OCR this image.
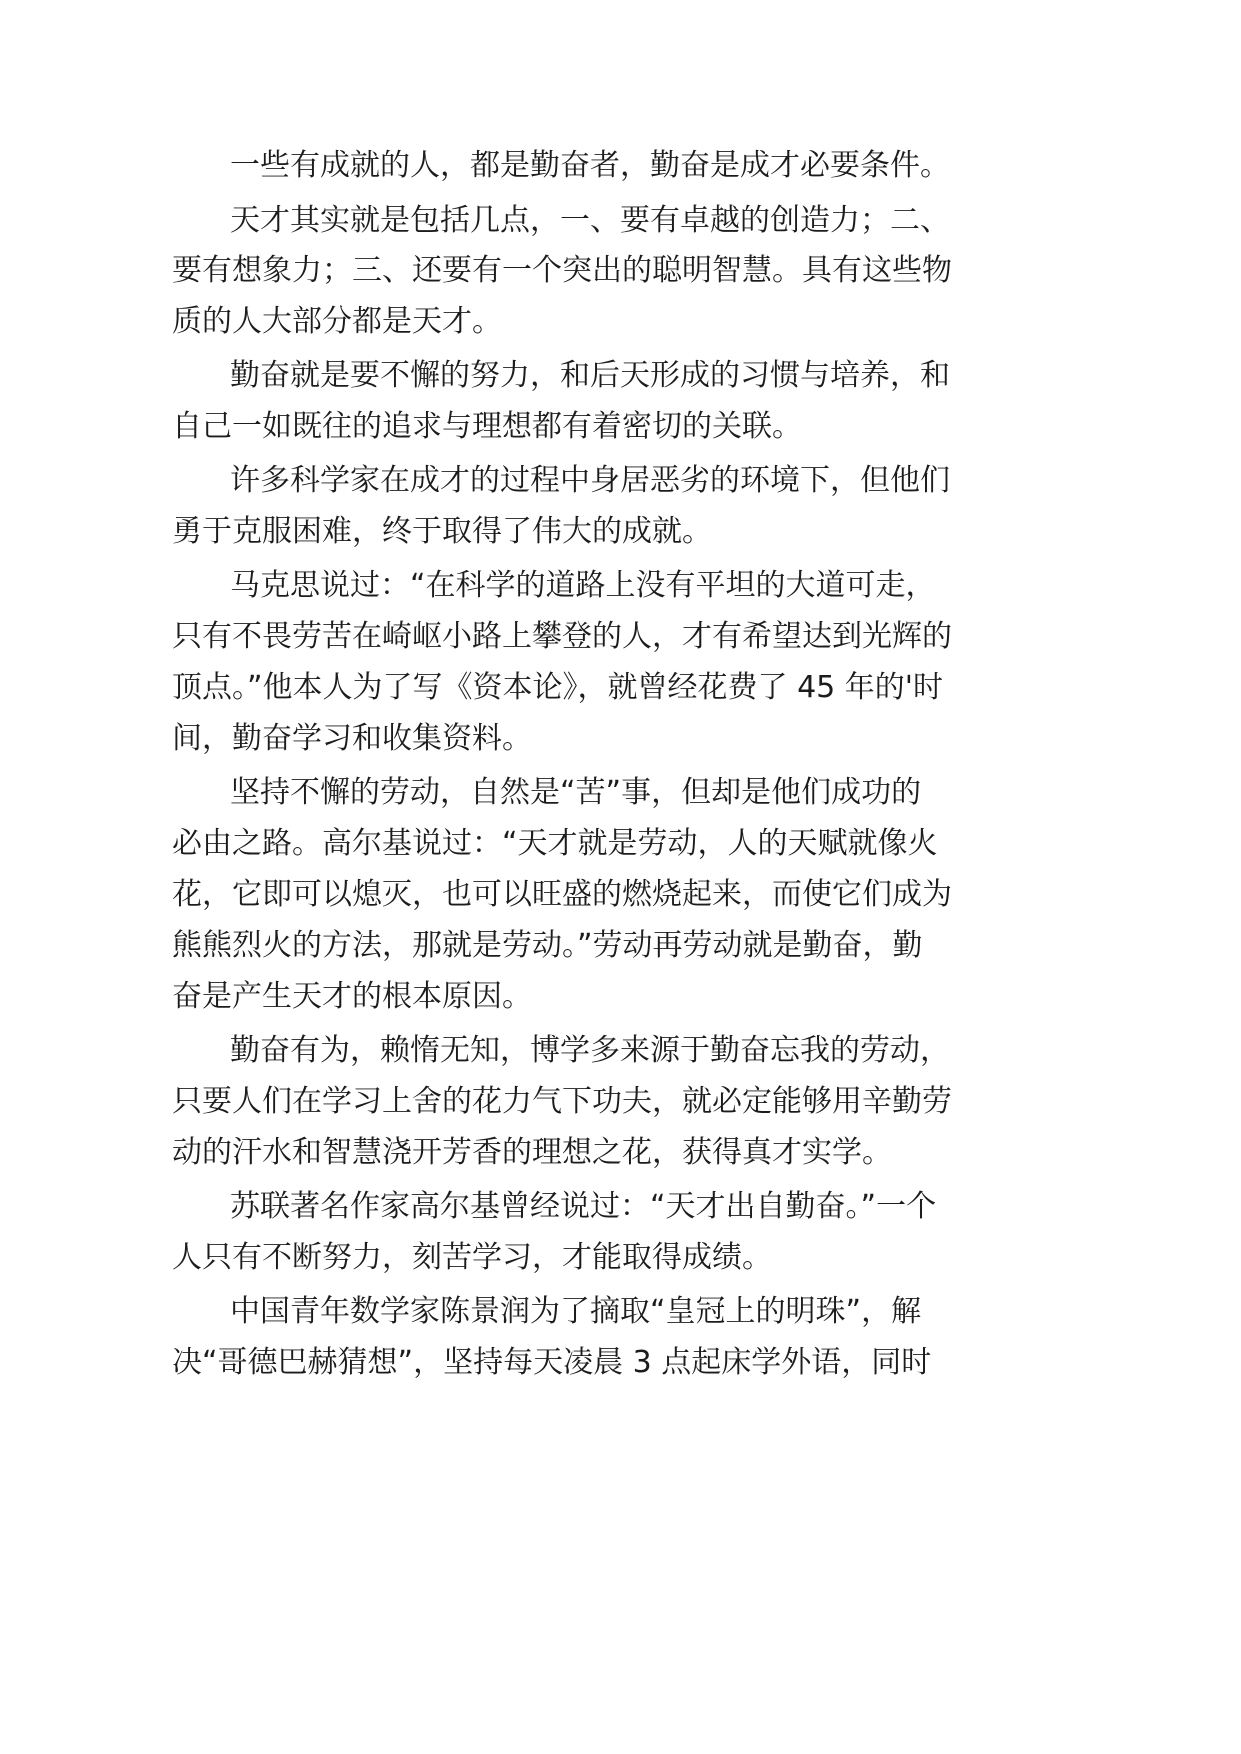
一些有成就的人，都是勤奋者，勤奋是成才必要条件。
天才其实就是包括几点，一、要有卓越的创造力；二、
要有想象力；三、还要有一个突出的聪明智慧。具有这些物
质的人大部分都是天才。
勤奋就是要不懈的努力，和后天形成的习惯与培养，和
自己一如既往的追求与理想都有着密切的关联。
许多科学家在成才的过程中身居恶劣的环境下，但他们
勇于克服困难，终于取得了伟大的成就。
马克思说过：“在科学的道路上没有平坦的大道可走，
只有不畏劳苦在崎岖小路上攀登的人，才有希望达到光辉的
顶点。”他本人为了写《资本论》，就曾经花费了 45 年的'时
间，勤奋学习和收集资料。
坚持不懈的劳动，自然是“苦”事，但却是他们成功的
必由之路。高尔基说过：“天才就是劳动，人的天赋就像火
花，它即可以熄灭，也可以旺盛的燃烧起来，而使它们成为
熊熊烈火的方法，那就是劳动。”劳动再劳动就是勤奋，勤
奋是产生天才的根本原因。
勤奋有为，赖惰无知，博学多来源于勤奋忘我的劳动，
只要人们在学习上舍的花力气下功夫，就必定能够用辛勤劳
动的汗水和智慧浇开芳香的理想之花，获得真才实学。
苏联著名作家高尔基曾经说过：“天才出自勤奋。”一个
人只有不断努力，刻苦学习，才能取得成绩。
中国青年数学家陈景润为了摘取“皇冠上的明珠”，解
决“哥德巴赫猜想”，坚持每天凌晨 3 点起床学外语，同时
